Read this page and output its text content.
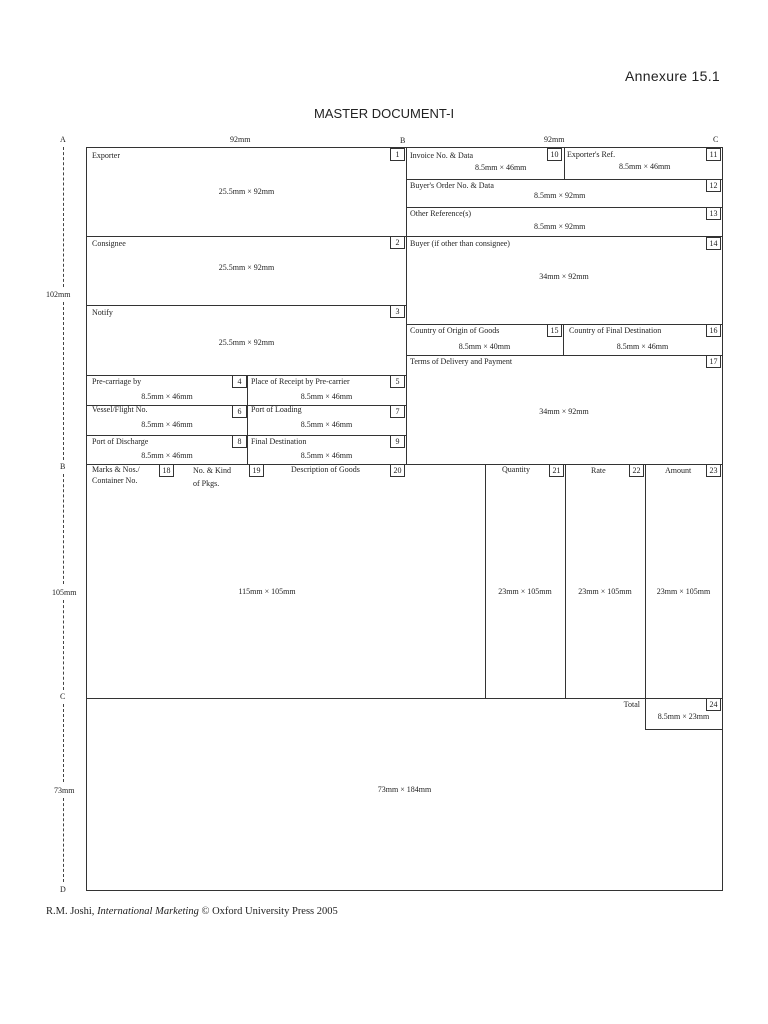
Annexure 15.1
MASTER DOCUMENT-I
A	92mm	B	92mm	C
102mm
B
105mm
C
73mm
D
Exporter	1
25.5mm × 92mm
Consignee	2
25.5mm × 92mm
Notify	3
25.5mm × 92mm
Pre-carriage by	4
8.5mm × 46mm
Place of Receipt by Pre-carrier	5
8.5mm × 46mm
Vessel/Flight No.	6
8.5mm × 46mm
Port of Loading	7
8.5mm × 46mm
Port of Discharge	8
8.5mm × 46mm
Final Destination	9
8.5mm × 46mm
Invoice No. & Data	10
8.5mm × 46mm
Exporter's Ref.	11
8.5mm × 46mm
Buyer's Order No. & Data	12
8.5mm × 92mm
Other Reference(s)	13
8.5mm × 92mm
Buyer (if other than consignee)	14
34mm × 92mm
Country of Origin of Goods	15
8.5mm × 40mm
Country of Final Destination	16
8.5mm × 46mm
Terms of Delivery and Payment	17
34mm × 92mm
Marks & Nos./
Container No.
18	No. & Kind
of Pkgs.
19	Description of Goods	20
115mm × 105mm
Quantity	21
23mm × 105mm
Rate	22
23mm × 105mm
Amount	23
23mm × 105mm
Total	24
8.5mm × 23mm
73mm × 184mm
R.M. Joshi, International Marketing © Oxford University Press 2005
